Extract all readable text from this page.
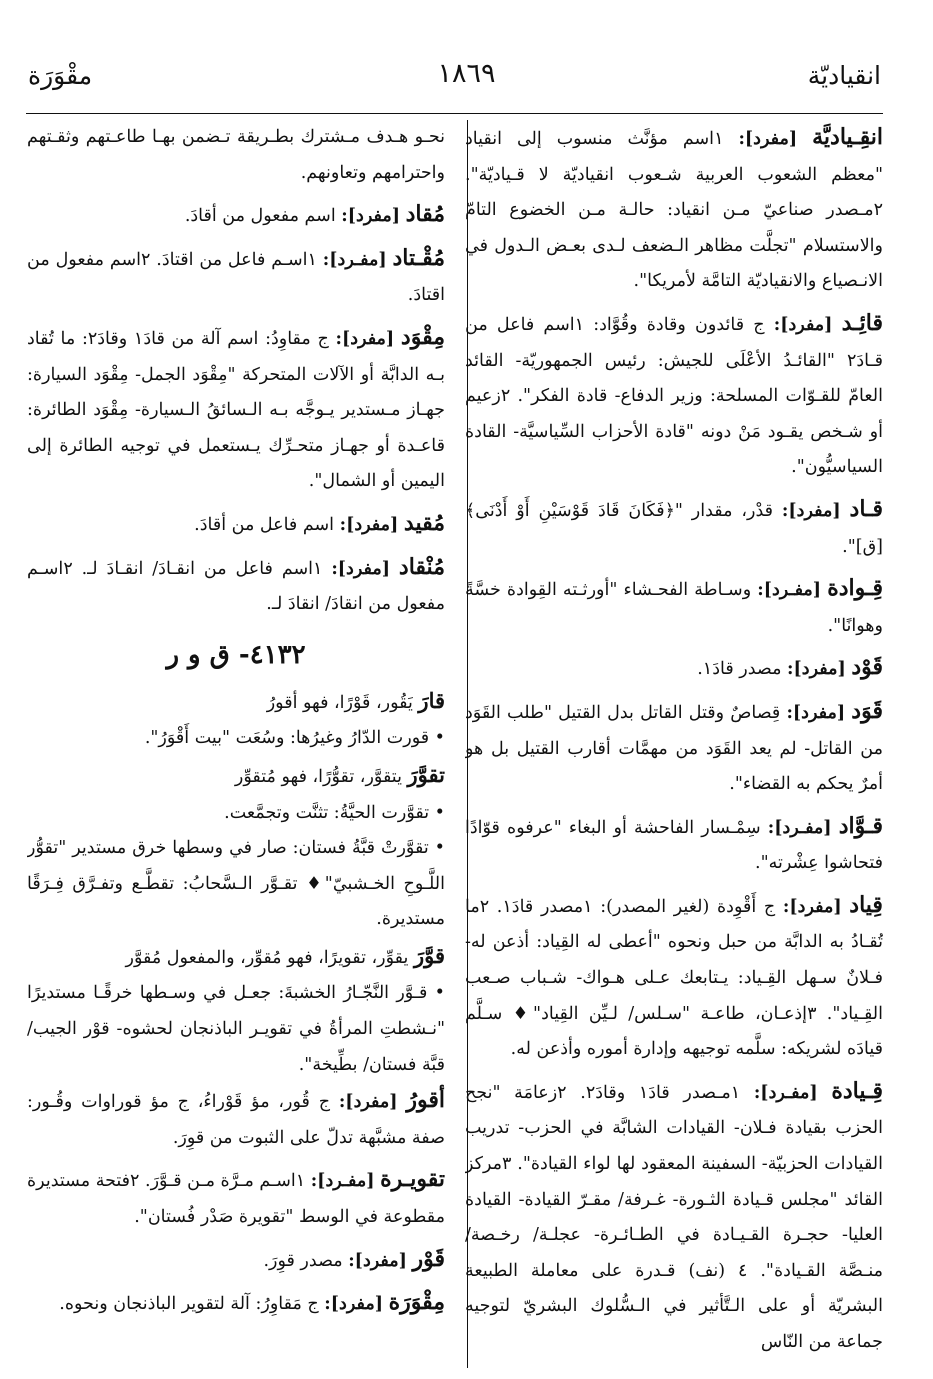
انقياديّة
١٨٦٩
مقْوَرَة

انقِـياديَّة [مفرد]: ١اسم مؤنَّث منسوب إلى انقياد "معظم الشعوب العربية شـعوب انقياديّة لا قـياديّة". ٢مـصدر صناعيّ مـن انقياد: حالـة مـن الخضوع التامّ والاستسلام "تجلَّت مظاهر الـضعف لـدى بعـض الـدول في الانـصياع والانقياديّة التامَّة لأمريكا".

قائِـد [مفرد]: ج قائدون وقادة وقُوَّاد: ١اسم فاعل من قـادَ٢ "القائـدُ الأعْلَى للجيش: رئيس الجمهوريّة- القائد العامّ للقـوّات المسلحة: وزير الدفاع- قادة الفكر". ٢زعيم أو شـخص يقـود مَنْ دونه "قادة الأحزاب السِّياسيَّة- القادة السياسيُّون".

قـاد [مفرد]: قدْر، مقدار "﴿فَكَانَ قَادَ قَوْسَيْنِ أَوْ أَدْنَى﴾ [ق]".

قِـوادة [مفـرد]: وسـاطة الفحـشاء "أورثـته القِوادة خسَّةً وهوانًا".

قَوْد [مفرد]: مصدر قادَ١.

قَوَد [مفرد]: قِصاصٌ وقتل القاتل بدل القتيل "طلب القَوَد من القاتل- لم يعد القَوَد من مهمَّات أقارب القتيل بل هو أمرٌ يحكم به القضاء".

قـوَّاد [مفـرد]: سِمْـسار الفاحشة أو البغاء "عرفوه قوّادًا فتحاشوا عِشْرته".

قِياد [مفرد]: ج أَقْوِدة (لغير المصدر): ١مصدر قادَ١. ٢ما تُقـادُ به الدابَّة من حبل ونحوه "أعطى له القِياد: أذعن له- فـلانٌ سـهل القِـياد: يـتابعك عـلى هـواك- شـباب صـعب القِـياد". ٣إذعـان، طاعـة "سـلس/ لـيِّن القِياد"♦ سـلَّم قيادَه لشريكه: سلَّمه توجيهه وإدارة أموره وأذعن له.

قِـيادة [مفـرد]: ١مـصدر قادَ١ وقادَ٢. ٢زعامَة "نجح الحزب بقيادة فـلان- القيادات الشابَّة في الحزب- تدريب القيادات الحزبيّة- السفينة المعقود لها لواء القيادة". ٣مركز القائد "مجلس قـيادة الثـورة- غـرفة/ مقـرّ القيادة- القيادة العليا- حجـرة القـيـادة في الطـائـرة- عجلـة/ رخـصة/ منـصَّة القـيادة". ٤ (نف) قـدرة على معاملة الطبيعة البشريّة أو على الـتَّأثير في الـسُّلوك البشريّ لتوجيه جماعة من النّاس

نحـو هـدف مـشترك بطـريقة تـضمن بهـا طاعـتهم وثقـتهم واحترامهم وتعاونهم.

مُقاد [مفرد]: اسم مفعول من أقادَ.

مُقْـتاد [مفـرد]: ١اسـم فاعل من اقتادَ. ٢اسم مفعول من اقتادَ.

مِقْوَد [مفرد]: ج مقاوِدُ: اسم آلة من قادَ١ وقادَ٢: ما تُقاد بـه الدابَّة أو الآلات المتحركة "مِقْوَد الجمل- مِقْوَد السيارة: جهـاز مـستدير يـوجَّه بـه الـسائقُ الـسيارة- مِقْوَد الطائرة: قاعـدة أو جهـاز متحـرِّك يـستعمل في توجيه الطائرة إلى اليمين أو الشمال".

مُقيد [مفرد]: اسم فاعل من أقادَ.

مُنْقاد [مفرد]: ١اسم فاعل من انقـادَ/ انقـادَ لـ. ٢اسـم مفعول من انقادَ/ انقادَ لـ.

٤١٣٢- ق و ر

قارَ يَقُور، قَوْرًا، فهو أقورُ

• قورت الدّارُ وغيرُها: وسُعَت "بيت أَقْوَرُ".

تقوَّرَ يتقوَّر، تقوُّرًا، فهو مُتقوِّر

• تقوَّرت الحيَّةُ: تثنَّت وتجمَّعت.

• تقوَّرتْ قبَّةُ فستان: صار في وسطها خرق مستدير "تقوُّر اللَّـوحِ الخـشبيّ"♦ تقـوَّر الـسَّحابُ: تقطَّـع وتفـرَّق فِـرَقًا مستديرة.

قوَّرَ يقوِّر، تقويرًا، فهو مُقوِّر، والمفعول مُقوَّر

• قـوَّر النَّجّـارُ الخشبةَ: جعـل في وسـطها خرقًـا مستديرًا "نـشطتِ المرأةُ في تقويـر الباذنجان لحشوه- قوْر الجيب/ قبَّة فستان/ بطِّيخة".

أقورُ [مفرد]: ج قُور، مؤ قَوْراءُ، ج مؤ قوراوات وقُـور: صفة مشبَّهة تدلّ على الثبوت من قوِرَ.

تقويـرة [مفـرد]: ١اسـم مـرَّة مـن قـوَّرَ. ٢فتحة مستديرة مقطوعة في الوسط "تقويرة صَدْر فُستان".

قَوْر [مفرد]: مصدر قوِرَ.

مِقْوَرَة [مفرد]: ج مَقاوِرُ: آلة لتقوير الباذنجان ونحوه.
